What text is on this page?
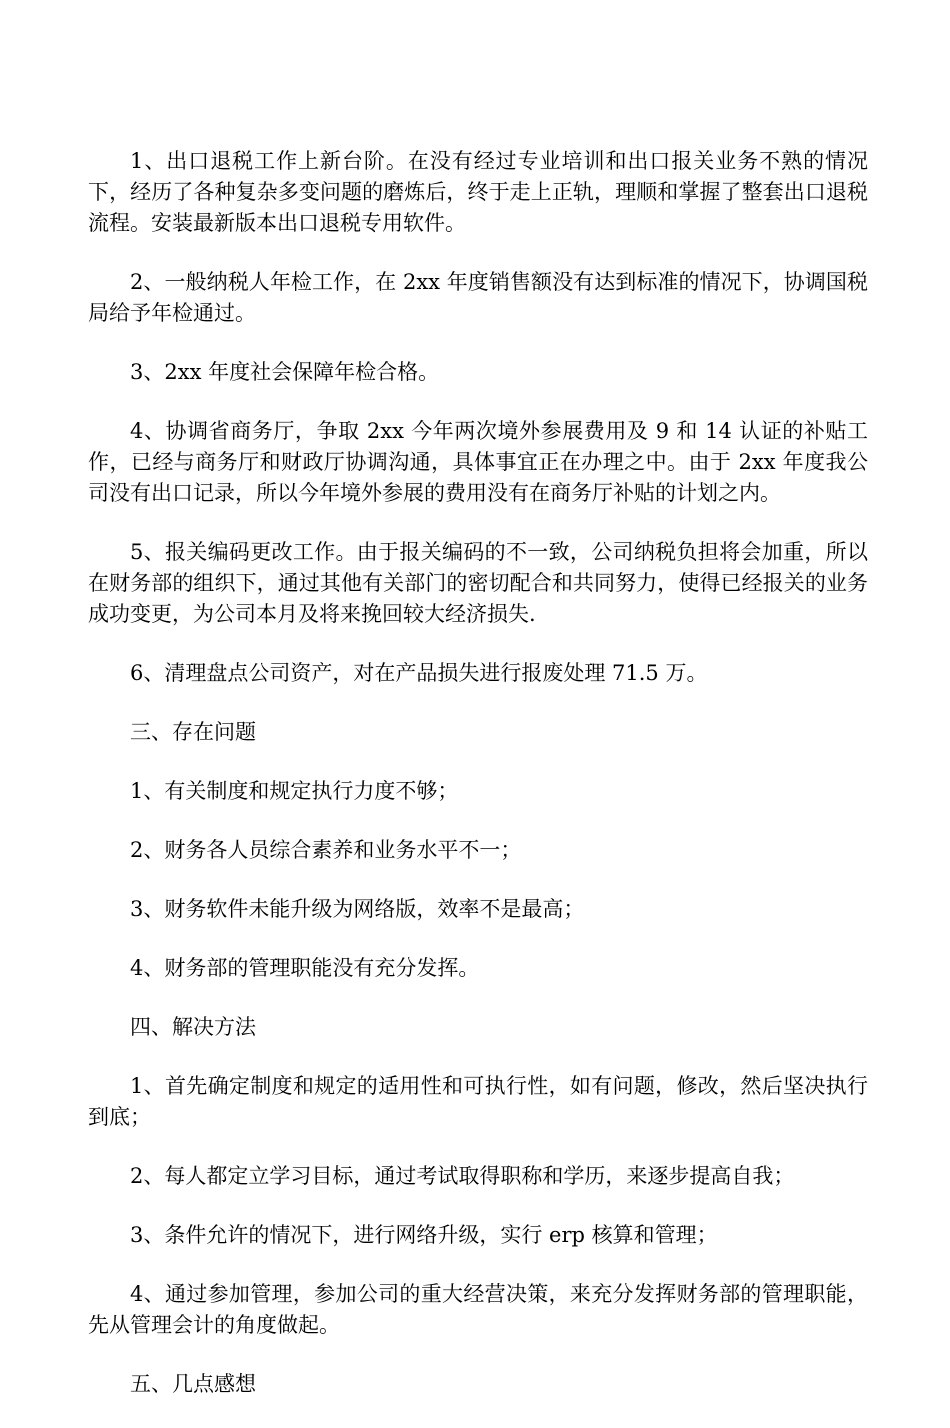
1、出口退税工作上新台阶。在没有经过专业培训和出口报关业务不熟的情况下，经历了各种复杂多变问题的磨炼后，终于走上正轨，理顺和掌握了整套出口退税流程。安装最新版本出口退税专用软件。

2、一般纳税人年检工作，在 2xx 年度销售额没有达到标准的情况下，协调国税局给予年检通过。

3、2xx 年度社会保障年检合格。

4、协调省商务厅，争取 2xx 今年两次境外参展费用及 9 和 14 认证的补贴工作，已经与商务厅和财政厅协调沟通，具体事宜正在办理之中。由于 2xx 年度我公司没有出口记录，所以今年境外参展的费用没有在商务厅补贴的计划之内。

5、报关编码更改工作。由于报关编码的不一致，公司纳税负担将会加重，所以在财务部的组织下，通过其他有关部门的密切配合和共同努力，使得已经报关的业务成功变更，为公司本月及将来挽回较大经济损失.

6、清理盘点公司资产，对在产品损失进行报废处理 71.5 万。

三、存在问题

1、有关制度和规定执行力度不够；

2、财务各人员综合素养和业务水平不一；

3、财务软件未能升级为网络版，效率不是最高；

4、财务部的管理职能没有充分发挥。

四、解决方法

1、首先确定制度和规定的适用性和可执行性，如有问题，修改，然后坚决执行到底；

2、每人都定立学习目标，通过考试取得职称和学历，来逐步提高自我；

3、条件允许的情况下，进行网络升级，实行 erp 核算和管理；

4、通过参加管理，参加公司的重大经营决策，来充分发挥财务部的管理职能，先从管理会计的角度做起。

五、几点感想
